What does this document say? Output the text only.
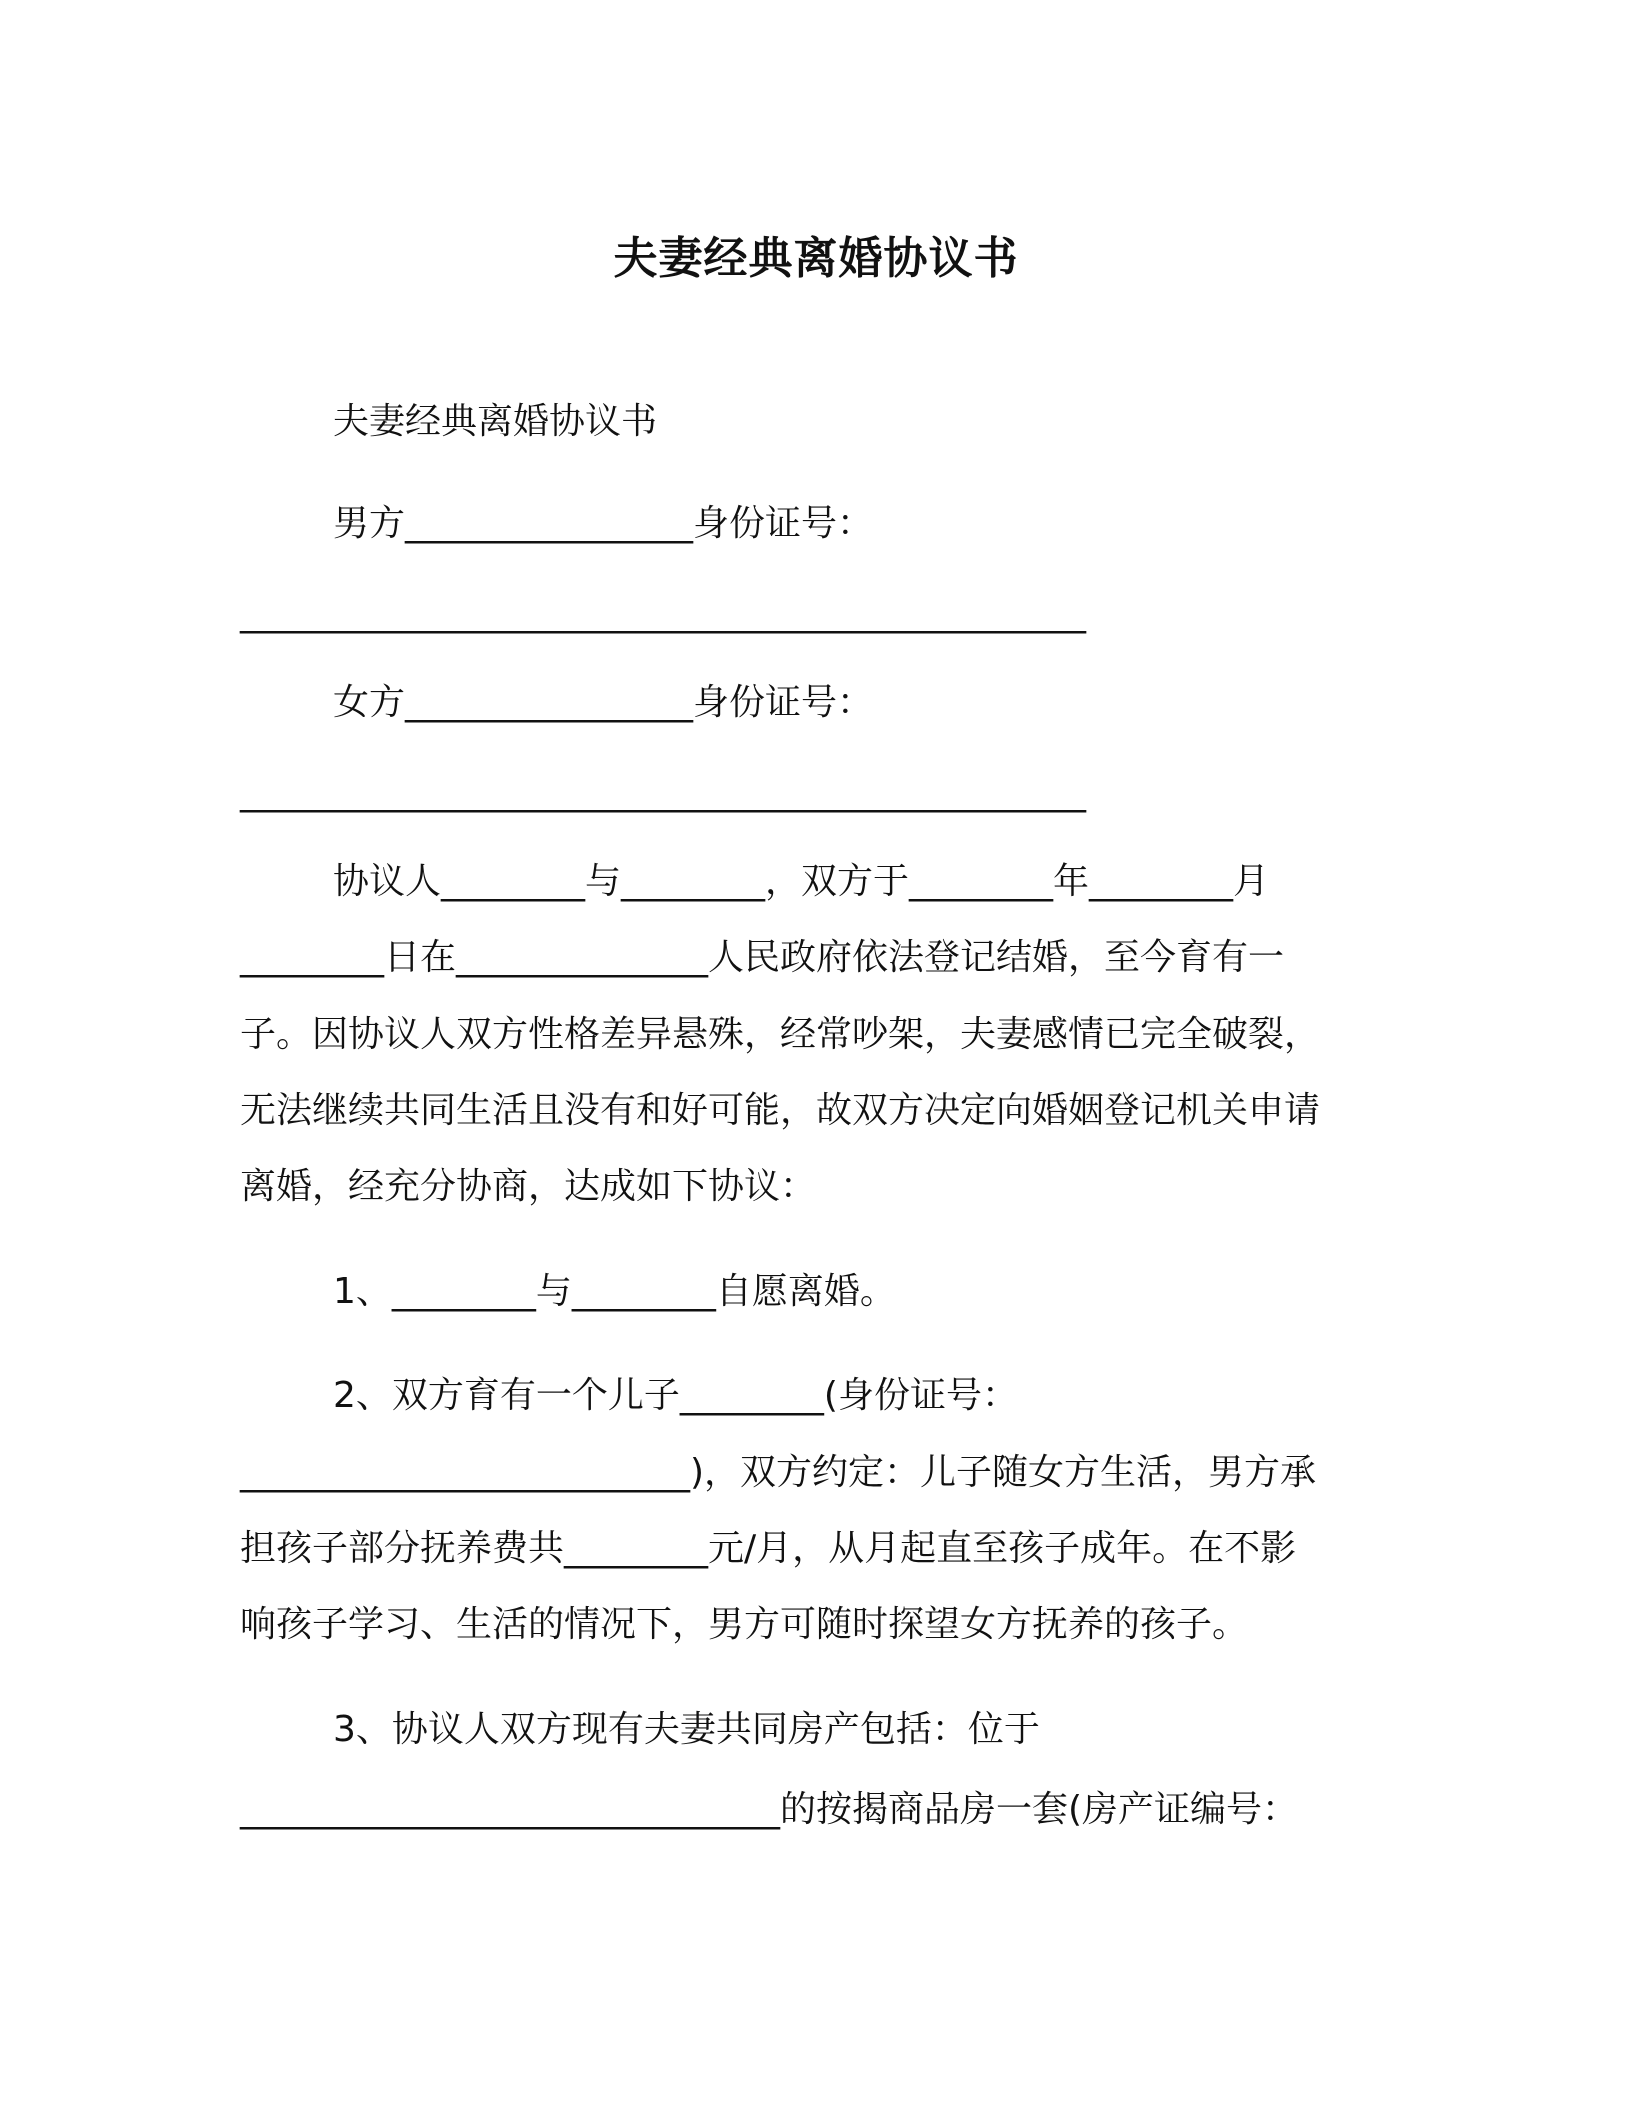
夫妻经典离婚协议书
夫妻经典离婚协议书
男方________________身份证号：
_______________________________________________
女方________________身份证号：
_______________________________________________
协议人________与________，双方于________年________月
________日在______________人民政府依法登记结婚，至今育有一
子。因协议人双方性格差异悬殊，经常吵架，夫妻感情已完全破裂，
无法继续共同生活且没有和好可能，故双方决定向婚姻登记机关申请
离婚，经充分协商，达成如下协议：
1、________与________自愿离婚。
2、双方育有一个儿子________(身份证号：
_________________________)，双方约定：儿子随女方生活，男方承
担孩子部分抚养费共________元/月，从月起直至孩子成年。在不影
响孩子学习、生活的情况下，男方可随时探望女方抚养的孩子。
3、协议人双方现有夫妻共同房产包括：位于
______________________________的按揭商品房一套(房产证编号：
